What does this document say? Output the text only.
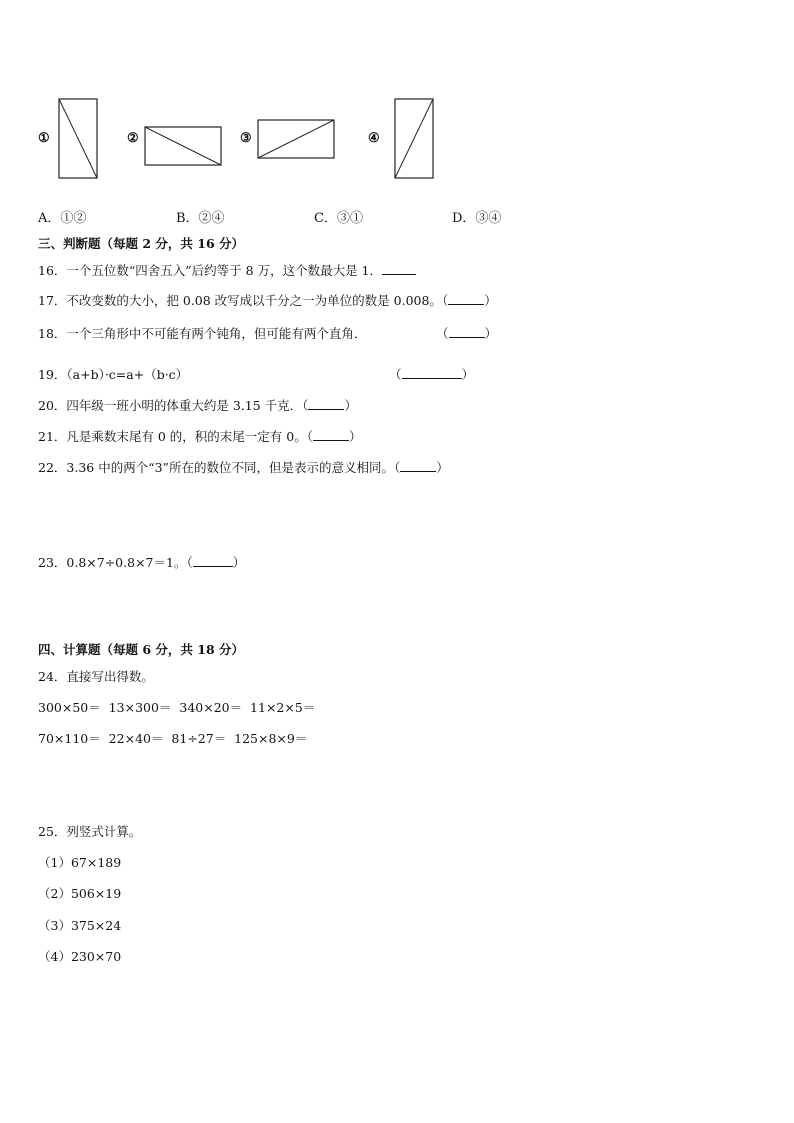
①	②	③	④
A．①②	B．②④	C．③①	D．③④
三、判断题（每题 2 分，共 16 分）
16．一个五位数“四舍五入”后约等于 8 万，这个数最大是 1．
17．不改变数的大小，把 0.08 改写成以千分之一为单位的数是 0.008。（	）
18．一个三角形中不可能有两个钝角，但可能有两个直角．	（	）
19．（a+b）·c=a+（b·c）	（	）
20．四年级一班小明的体重大约是 3.15 千克．（	）
21．凡是乘数末尾有 0 的，积的末尾一定有 0。（	）
22．3.36 中的两个“3”所在的数位不同，但是表示的意义相同。（	）
23．0.8×7÷0.8×7＝1。（	）
四、计算题（每题 6 分，共 18 分）
24．直接写出得数。
300×50＝  13×300＝  340×20＝  11×2×5＝
70×110＝  22×40＝  81÷27＝  125×8×9＝
25．列竖式计算。
（1）67×189
（2）506×19
（3）375×24
（4）230×70
